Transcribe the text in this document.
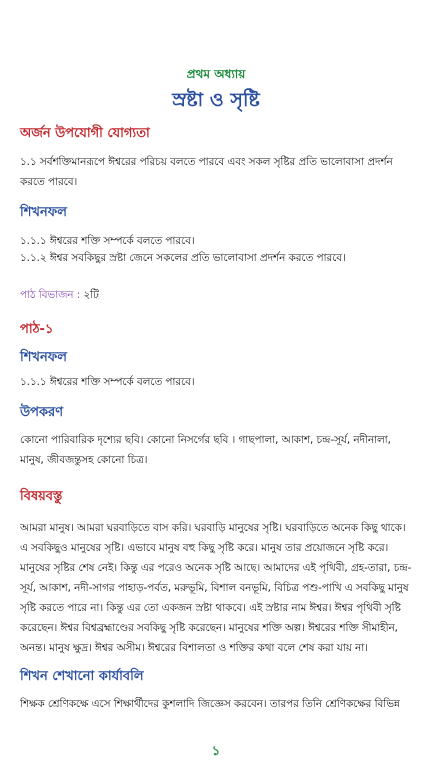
প্রথম অধ্যায়
স্রষ্টা ও সৃষ্টি
অর্জন উপযোগী যোগ্যতা
১.১ সর্বশক্তিমানরূপে ঈশ্বরের পরিচয় বলতে পারবে এবং সকল সৃষ্টির প্রতি ভালোবাসা প্রদর্শন করতে পারবে।
শিখনফল
১.১.১ ঈশ্বরের শক্তি সম্পর্কে বলতে পারবে।
১.১.২ ঈশ্বর সবকিছুর স্রষ্টা জেনে সকলের প্রতি ভালোবাসা প্রদর্শন করতে পারবে।
পাঠ বিভাজন : ২টি
পাঠ-১
শিখনফল
১.১.১ ঈশ্বরের শক্তি সম্পর্কে বলতে পারবে।
উপকরণ
কোনো পারিবারিক দৃশ্যের ছবি। কোনো নিসর্গের ছবি । গাছপালা, আকাশ, চন্দ্র-সূর্য, নদীনালা, মানুষ, জীবজন্তুসহ কোনো চিত্র।
বিষয়বস্তু
আমরা মানুষ। আমরা ঘরবাড়িতে বাস করি। ঘরবাড়ি মানুষের সৃষ্টি। ঘরবাড়িতে অনেক কিছু থাকে। এ সবকিছুও মানুষের সৃষ্টি। এভাবে মানুষ বহু কিছু সৃষ্টি করে। মানুষ তার প্রয়োজনে সৃষ্টি করে। মানুষের সৃষ্টির শেষ নেই। কিন্তু এর পরেও অনেক সৃষ্টি আছে। আমাদের এই পৃথিবী, গ্রহ-তারা, চন্দ্র-সূর্য, আকাশ, নদী-সাগর পাহাড়-পর্বত, মরুভূমি, বিশাল বনভূমি, বিচিত্র পশু-পাখি এ সবকিছু মানুষ সৃষ্টি করতে পারে না। কিন্তু এর তো একজন স্রষ্টা থাকবে। এই স্রষ্টার নাম ঈশ্বর। ঈশ্বর পৃথিবী সৃষ্টি করেছেন। ঈশ্বর বিশ্বব্রহ্মাণ্ডের সবকিছু সৃষ্টি করেছেন। মানুষের শক্তি অল্প। ঈশ্বরের শক্তি সীমাহীন, অনন্ত। মানুষ ক্ষুদ্র। ঈশ্বর অসীম। ঈশ্বরের বিশালতা ও শক্তির কথা বলে শেষ করা যায় না।
শিখন শেখানো কার্যাবলি
শিক্ষক শ্রেণিকক্ষে এসে শিক্ষার্থীদের কুশলাদি জিজ্ঞেস করবেন। তারপর তিনি শ্রেণিকক্ষের বিভিন্ন
১
